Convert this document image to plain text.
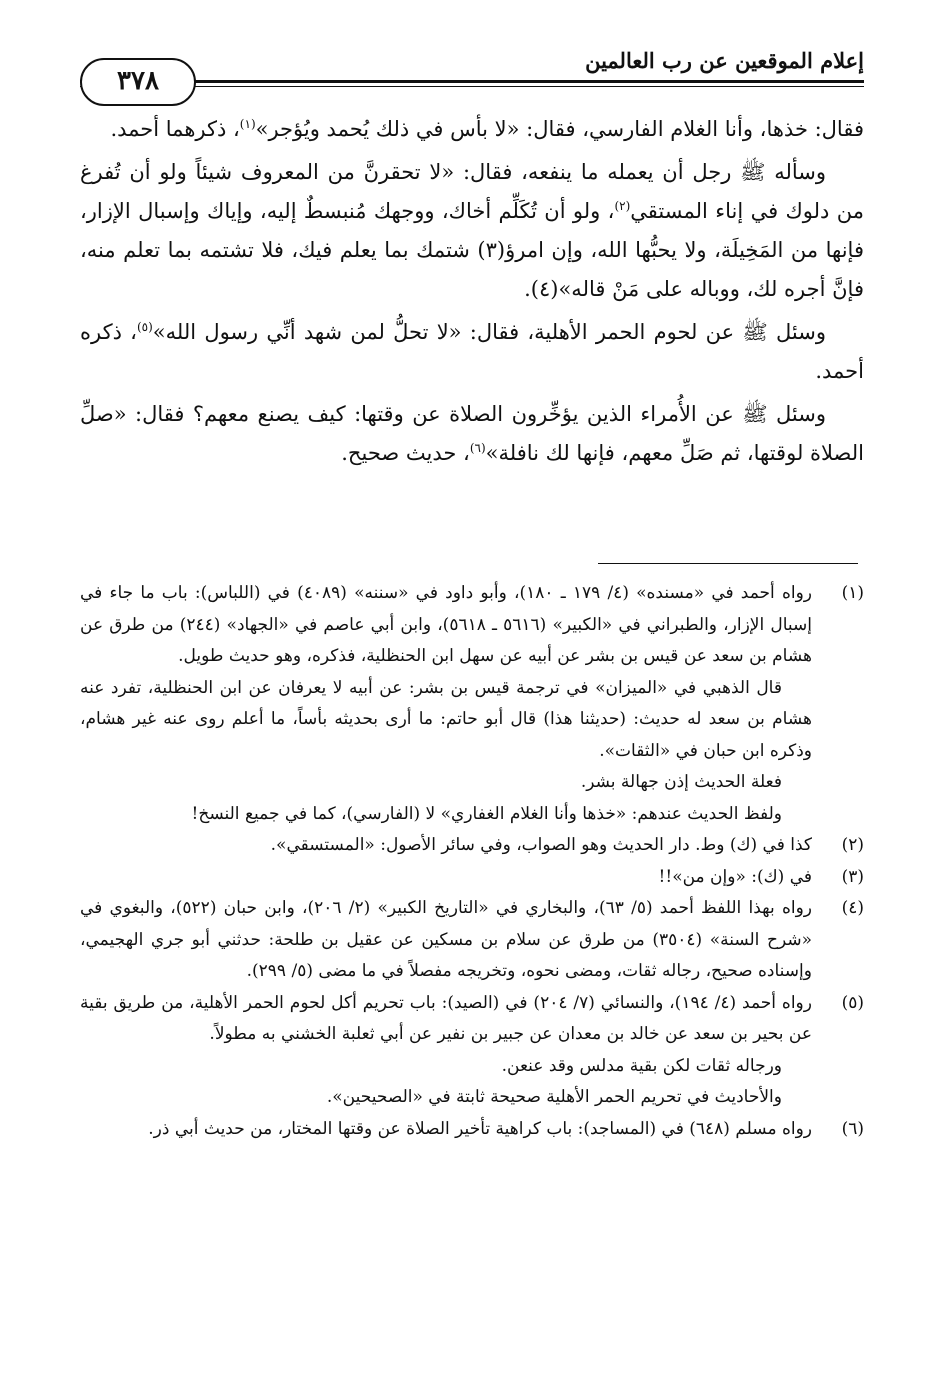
إعلام الموقعين عن رب العالمين
٣٧٨

فقال: خذها، وأنا الغلام الفارسي، فقال: «لا بأس في ذلك يُحمد ويُؤجر»$^{(١)}$، ذكرهما أحمد.

وسأله ﷺ رجل أن يعمله ما ينفعه، فقال: «لا تحقرنَّ من المعروف شيئاً ولو أن تُفرغ من دلوك في إناء المستقي$^{(٢)}$، ولو أن تُكَلِّم أخاك، ووجهك مُنبسطٌ إليه، وإياك وإسبال الإزار، فإنها من المَخِيلَة، ولا يحبُّها الله، وإن امرؤ(٣) شتمك بما يعلم فيك، فلا تشتمه بما تعلم منه، فإنَّ أجره لك، ووباله على مَنْ قاله»(٤).

وسئل ﷺ عن لحوم الحمر الأهلية، فقال: «لا تحلُّ لمن شهد أنِّي رسول الله»$^{(٥)}$، ذكره أحمد.

وسئل ﷺ عن الأُمراء الذين يؤخِّرون الصلاة عن وقتها: كيف يصنع معهم؟ فقال: «صلِّ الصلاة لوقتها، ثم صَلِّ معهم، فإنها لك نافلة»$^{(٦)}$، حديث صحيح.

(١)

رواه أحمد في «مسنده» (٤/ ١٧٩ ـ ١٨٠)، وأبو داود في «سننه» (٤٠٨٩) في (اللباس): باب ما جاء في إسبال الإزار، والطبراني في «الكبير» (٥٦١٦ ـ ٥٦١٨)، وابن أبي عاصم في «الجهاد» (٢٤٤) من طرق عن هشام بن سعد عن قيس بن بشر عن أبيه عن سهل ابن الحنظلية، فذكره، وهو حديث طويل.

قال الذهبي في «الميزان» في ترجمة قيس بن بشر: عن أبيه لا يعرفان عن ابن الحنظلية، تفرد عنه هشام بن سعد له حديث: (حديثنا هذا) قال أبو حاتم: ما أرى بحديثه بأساً، ما أعلم روى عنه غير هشام، وذكره ابن حبان في «الثقات».

فعلة الحديث إذن جهالة بشر.

ولفظ الحديث عندهم: «خذها وأنا الغلام الغفاري» لا (الفارسي)، كما في جميع النسخ!

(٢)

كذا في (ك) وط. دار الحديث وهو الصواب، وفي سائر الأصول: «المستسقي».

(٣)

في (ك): «وإن من»!!

(٤)

رواه بهذا اللفظ أحمد (٥/ ٦٣)، والبخاري في «التاريخ الكبير» (٢/ ٢٠٦)، وابن حبان (٥٢٢)، والبغوي في «شرح السنة» (٣٥٠٤) من طرق عن سلام بن مسكين عن عقيل بن طلحة: حدثني أبو جري الهجيمي، وإسناده صحيح، رجاله ثقات، ومضى نحوه، وتخريجه مفصلاً في ما مضى (٥/ ٢٩٩).

(٥)

رواه أحمد (٤/ ١٩٤)، والنسائي (٧/ ٢٠٤) في (الصيد): باب تحريم أكل لحوم الحمر الأهلية، من طريق بقية عن بحير بن سعد عن خالد بن معدان عن جبير بن نفير عن أبي ثعلبة الخشني به مطولاً.

ورجاله ثقات لكن بقية مدلس وقد عنعن.

والأحاديث في تحريم الحمر الأهلية صحيحة ثابتة في «الصحيحين».

(٦)

رواه مسلم (٦٤٨) في (المساجد): باب كراهية تأخير الصلاة عن وقتها المختار، من حديث أبي ذر.
